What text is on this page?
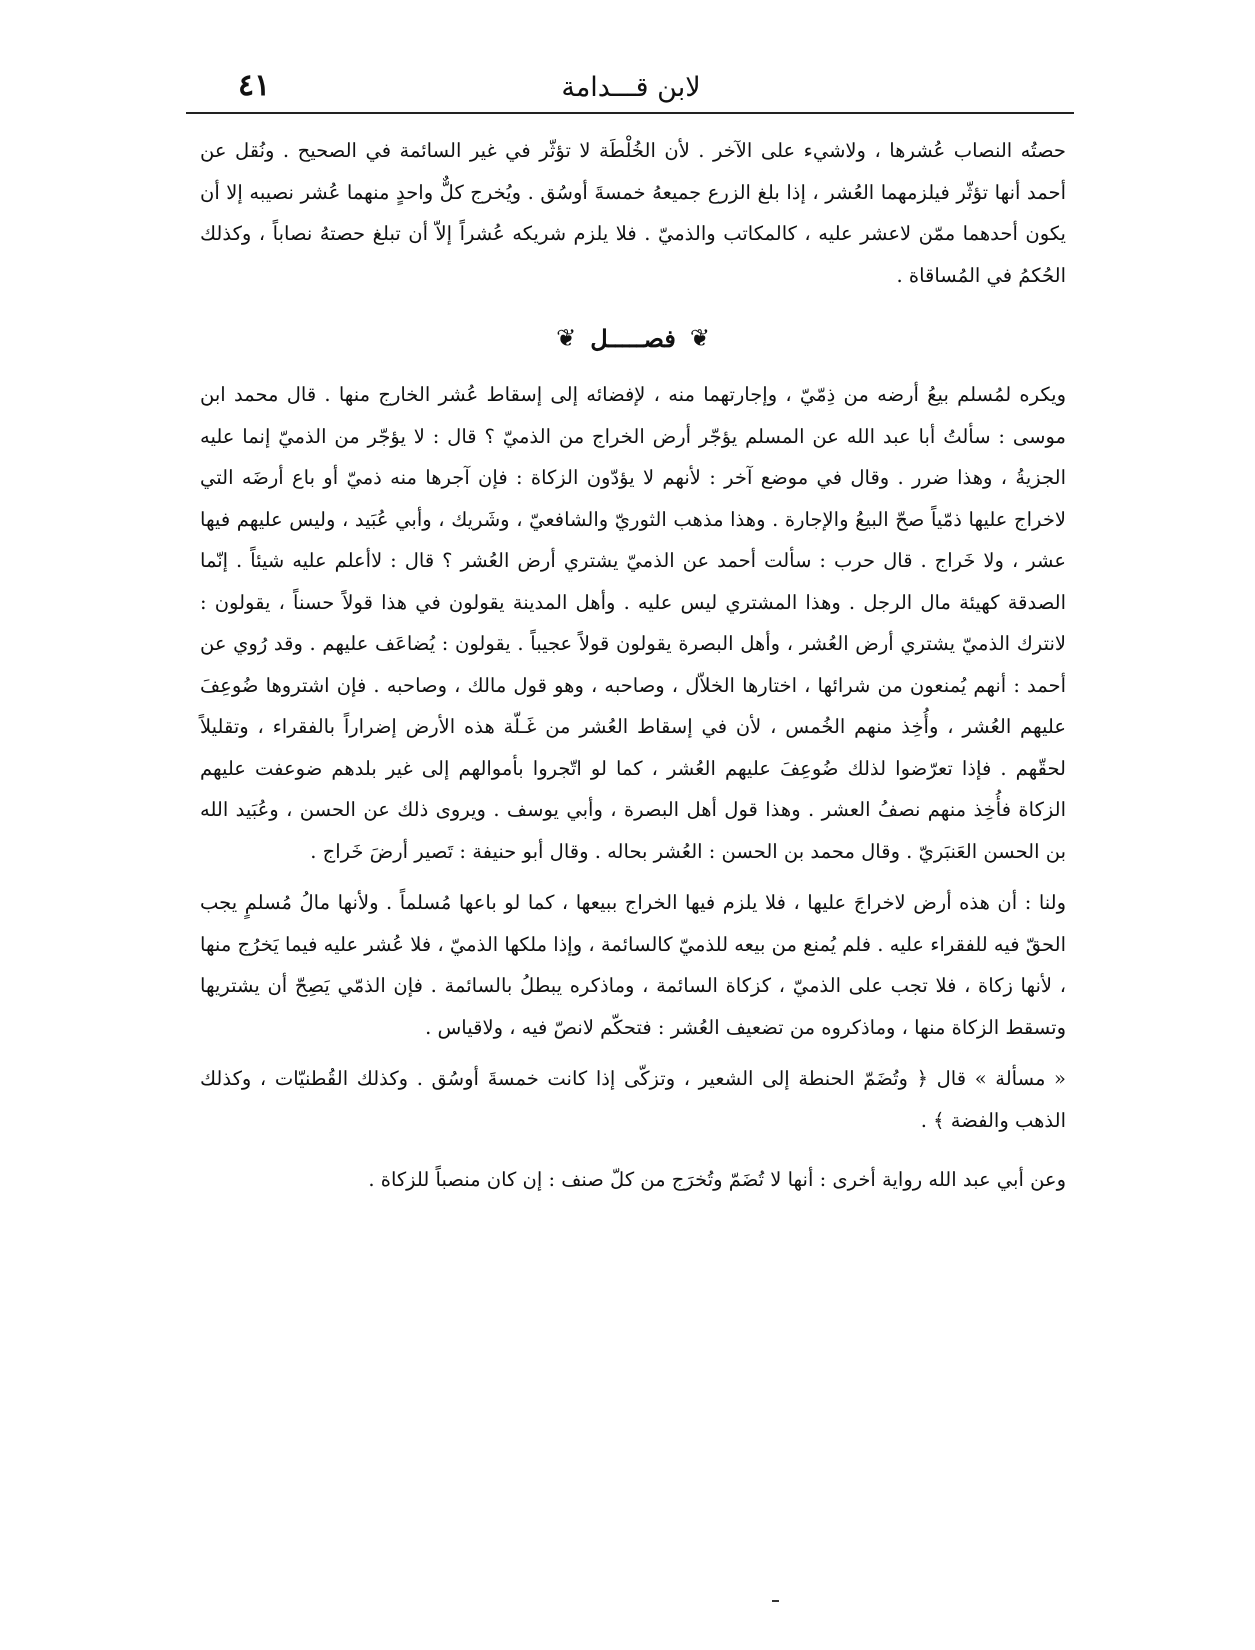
لابن قـــدامة
٤١

حصتُه النصاب عُشرها ، ولاشيء على الآخر . لأن الخُلْطَة لا تؤثّر في غير السائمة في الصحيح . ونُقل عن أحمد أنها تؤثّر فيلزمهما العُشر ، إذا بلغ الزرع جميعهُ خمسةَ أوسُق . ويُخرج كلٌّ واحدٍ منهما عُشر نصيبه إلا أن يكون أحدهما ممّن لاعشر عليه ، كالمكاتب والذميّ . فلا يلزم شريكه عُشراً إلاّ أن تبلغ حصتهُ نصاباً ، وكذلك الحُكمُ في المُساقاة .

❦
فصـــــل
❦

ويكره لمُسلم بيعُ أرضه من ذِمّيّ ، وإجارتهما منه ، لإفضائه إلى إسقاط عُشر الخارج منها . قال محمد ابن موسى : سألتُ أبا عبد الله عن المسلم يؤجّر أرض الخراج من الذميّ ؟ قال : لا يؤجّر من الذميّ إنما عليه الجزيةُ ، وهذا ضرر . وقال في موضع آخر : لأنهم لا يؤدّون الزكاة : فإن آجرها منه ذميّ أو باع أرضَه التي لاخراج عليها ذمّياً صحّ البيعُ والإجارة . وهذا مذهب الثوريّ والشافعيّ ، وشَريك ، وأبي عُبَيد ، وليس عليهم فيها عشر ، ولا خَراج . قال حرب : سألت أحمد عن الذميّ يشتري أرض العُشر ؟ قال : لاأعلم عليه شيئاً . إنّما الصدقة كهيئة مال الرجل . وهذا المشتري ليس عليه . وأهل المدينة يقولون في هذا قولاً حسناً ، يقولون : لانترك الذميّ يشتري أرض العُشر ، وأهل البصرة يقولون قولاً عجيباً . يقولون : يُضاعَف عليهم . وقد رُوي عن أحمد : أنهم يُمنعون من شرائها ، اختارها الخلاّل ، وصاحبه ، وهو قول مالك ، وصاحبه . فإن اشتروها ضُوعِفَ عليهم العُشر ، وأُخِذ منهم الخُمس ، لأن في إسقاط العُشر من غَـلّة هذه الأرض إضراراً بالفقراء ، وتقليلاً لحقّهم . فإذا تعرّضوا لذلك ضُوعِفَ عليهم العُشر ، كما لو اتّجروا بأموالهم إلى غير بلدهم ضوعفت عليهم الزكاة فأُخِذ منهم نصفُ العشر . وهذا قول أهل البصرة ، وأبي يوسف . ويروى ذلك عن الحسن ، وعُبَيد الله بن الحسن العَنبَريّ . وقال محمد بن الحسن : العُشر بحاله . وقال أبو حنيفة : تَصير أرضَ خَراج .

ولنا : أن هذه أرض لاخراجَ عليها ، فلا يلزم فيها الخراج ببيعها ، كما لو باعها مُسلماً . ولأنها مالُ مُسلمٍ يجب الحقّ فيه للفقراء عليه . فلم يُمنع من بيعه للذميّ كالسائمة ، وإذا ملكها الذميّ ، فلا عُشر عليه فيما يَخرُج منها ، لأنها زكاة ، فلا تجب على الذميّ ، كزكاة السائمة ، وماذكره يبطلُ بالسائمة . فإن الذمّي يَصِحّ أن يشتريها وتسقط الزكاة منها ، وماذكروه من تضعيف العُشر : فتحكّم لانصّ فيه ، ولاقياس .

« مسألة » قال ﴿ وتُضَمّ الحنطة إلى الشعير ، وتزكّى إذا كانت خمسةَ أوسُق . وكذلك القُطنيّات ، وكذلك الذهب والفضة ﴾ .

وعن أبي عبد الله رواية أخرى : أنها لا تُضَمّ وتُخرَج من كلّ صنف : إن كان منصباً للزكاة .
